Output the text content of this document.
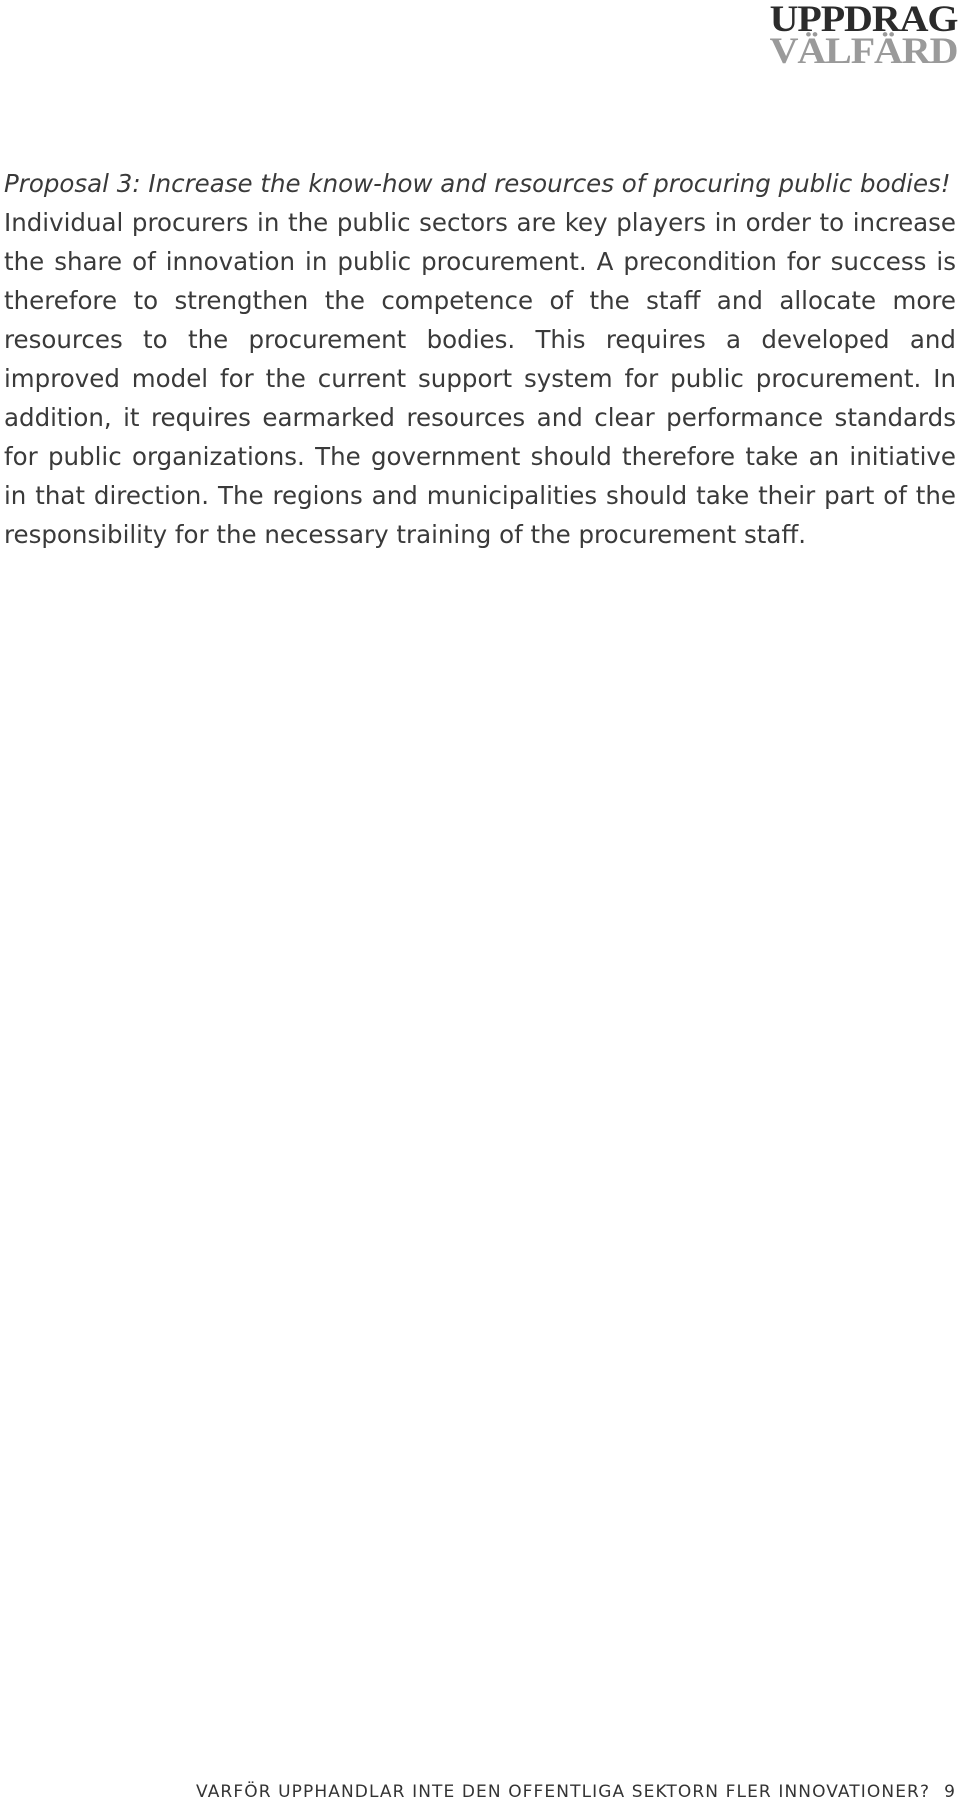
UPPDRAG
VÄLFÄRD

Proposal 3: Increase the know-how and resources of procuring public bodies!

Individual procurers in the public sectors are key players in order to increase the share of innovation in public procurement. A precondition for success is therefore to strengthen the competence of the staff and allocate more resources to the procurement bodies. This requires a developed and improved model for the current support system for public procurement. In addition, it requires earmarked resources and clear performance standards for public organizations. The government should therefore take an initiative in that direction. The regions and municipalities should take their part of the responsibility for the necessary training of the procurement staff.

VARFÖR UPPHANDLAR INTE DEN OFFENTLIGA SEKTORN FLER INNOVATIONER? 9
